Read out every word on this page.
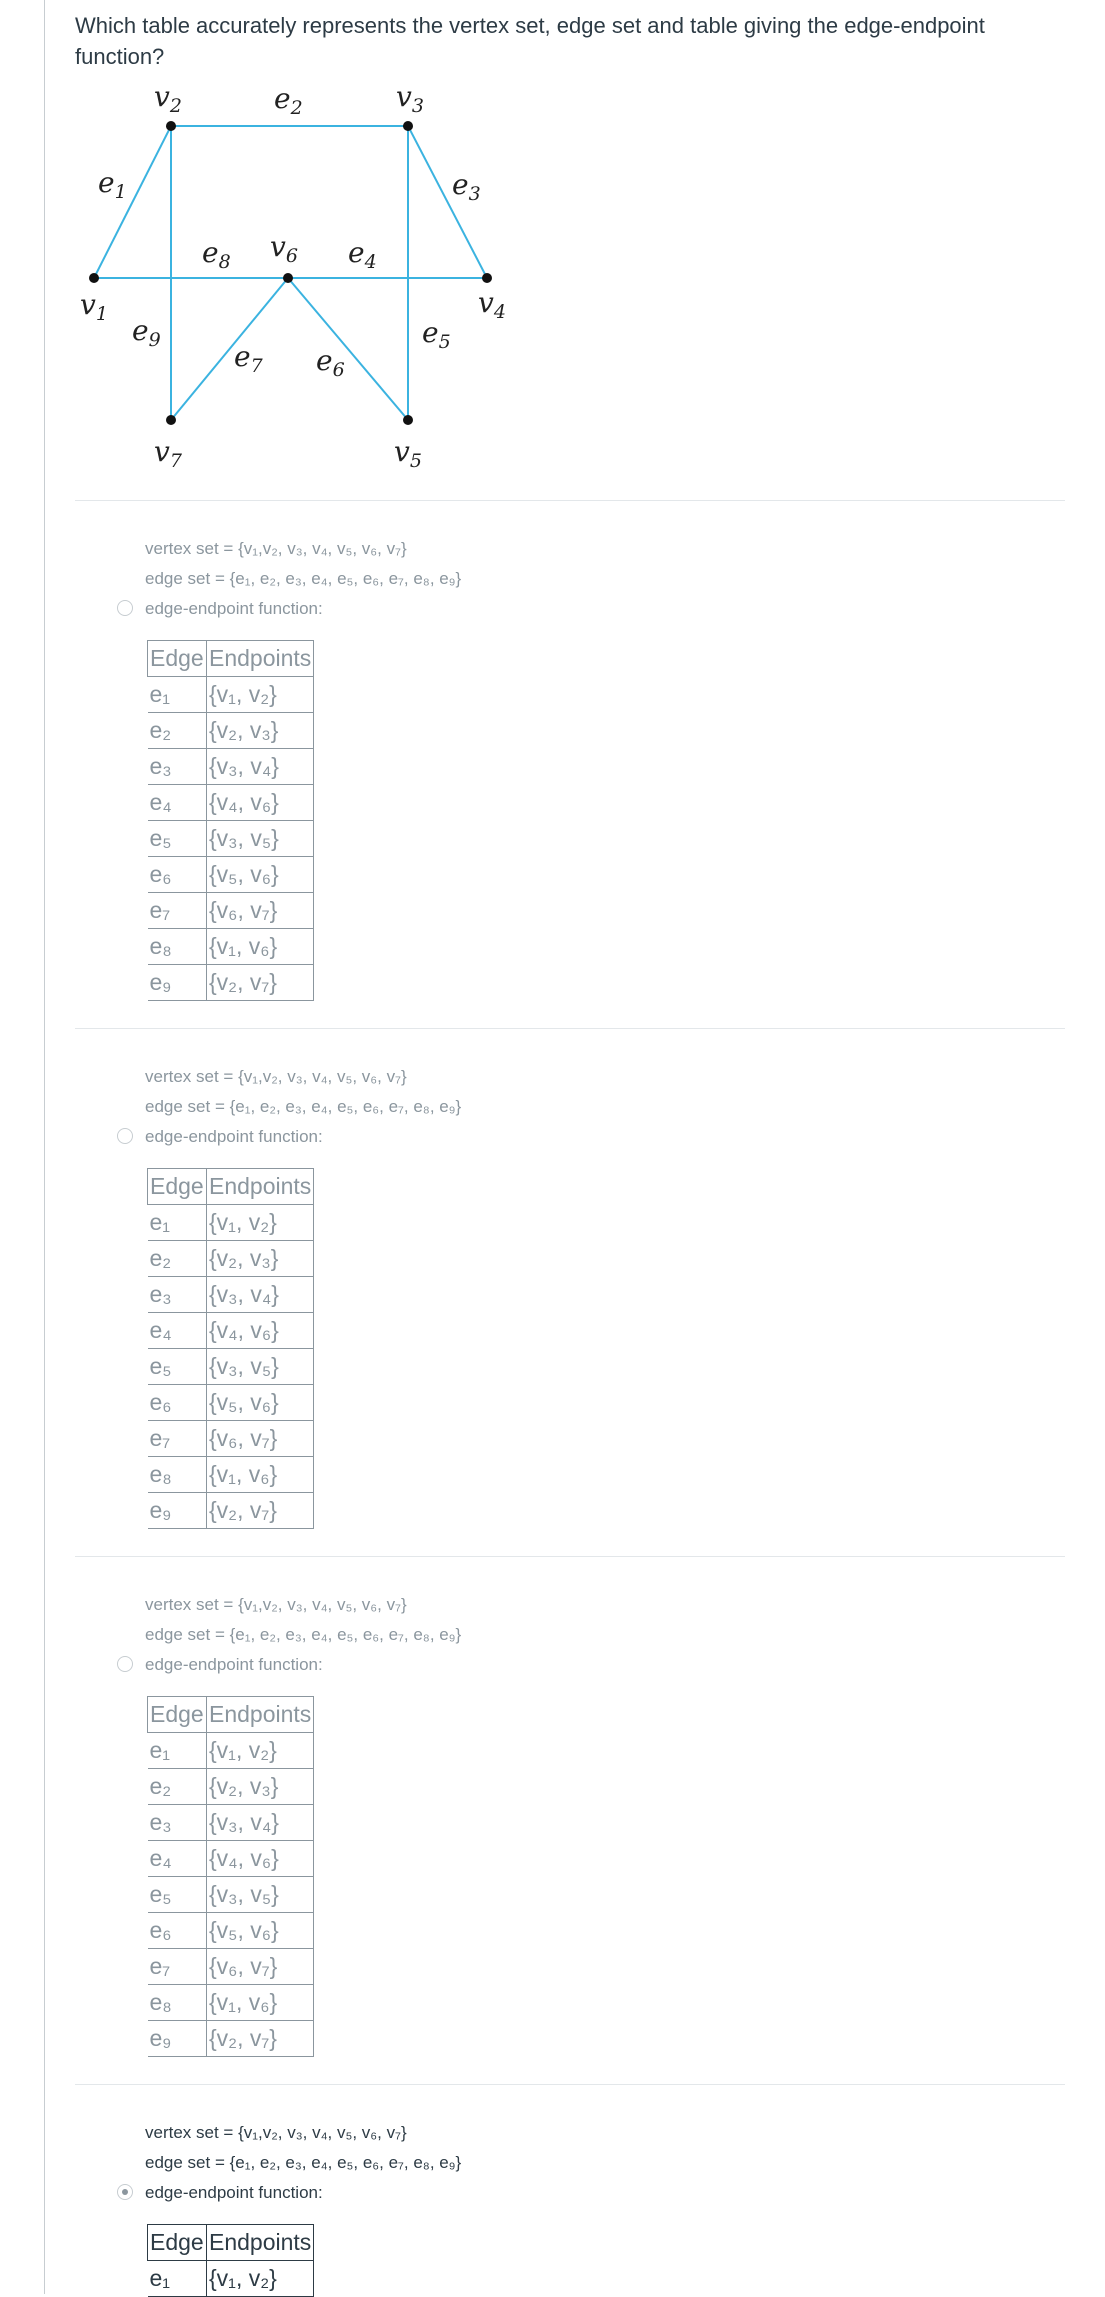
Which table accurately represents the vertex set, edge set and table giving the edge-endpoint function?
$v_1$
$v_2$	$v_3$
$v_4$
$v_5$
$v_6$
$v_7$
$e_1$
$e_2$
$e_3$
$e_4$
$e_5$
$e_6$
$e_7$
$e_8$
$e_9$
vertex set = {v₁,v₂, v₃, v₄, v₅, v₆, v₇}
edge set = {e₁, e₂, e₃, e₄, e₅, e₆, e₇, e₈, e₉}
edge-endpoint function:
Edge	Endpoints
e₁	{v₁, v₂}
e₂	{v₂, v₃}
e₃	{v₃, v₄}
e₄	{v₄, v₆}
e₅	{v₃, v₅}
e₆	{v₅, v₆}
e₇	{v₆, v₇}
e₈	{v₁, v₆}
e₉	{v₂, v₇}
vertex set = {v₁,v₂, v₃, v₄, v₅, v₆, v₇}
edge set = {e₁, e₂, e₃, e₄, e₅, e₆, e₇, e₈, e₉}
edge-endpoint function:
Edge	Endpoints
e₁	{v₁, v₂}
e₂	{v₂, v₃}
e₃	{v₃, v₄}
e₄	{v₄, v₆}
e₅	{v₃, v₅}
e₆	{v₅, v₆}
e₇	{v₆, v₇}
e₈	{v₁, v₆}
e₉	{v₂, v₇}
vertex set = {v₁,v₂, v₃, v₄, v₅, v₆, v₇}
edge set = {e₁, e₂, e₃, e₄, e₅, e₆, e₇, e₈, e₉}
edge-endpoint function:
Edge	Endpoints
e₁	{v₁, v₂}
e₂	{v₂, v₃}
e₃	{v₃, v₄}
e₄	{v₄, v₆}
e₅	{v₃, v₅}
e₆	{v₅, v₆}
e₇	{v₆, v₇}
e₈	{v₁, v₆}
e₉	{v₂, v₇}
vertex set = {v₁,v₂, v₃, v₄, v₅, v₆, v₇}
edge set = {e₁, e₂, e₃, e₄, e₅, e₆, e₇, e₈, e₉}
edge-endpoint function:
Edge	Endpoints
e₁	{v₁, v₂}
